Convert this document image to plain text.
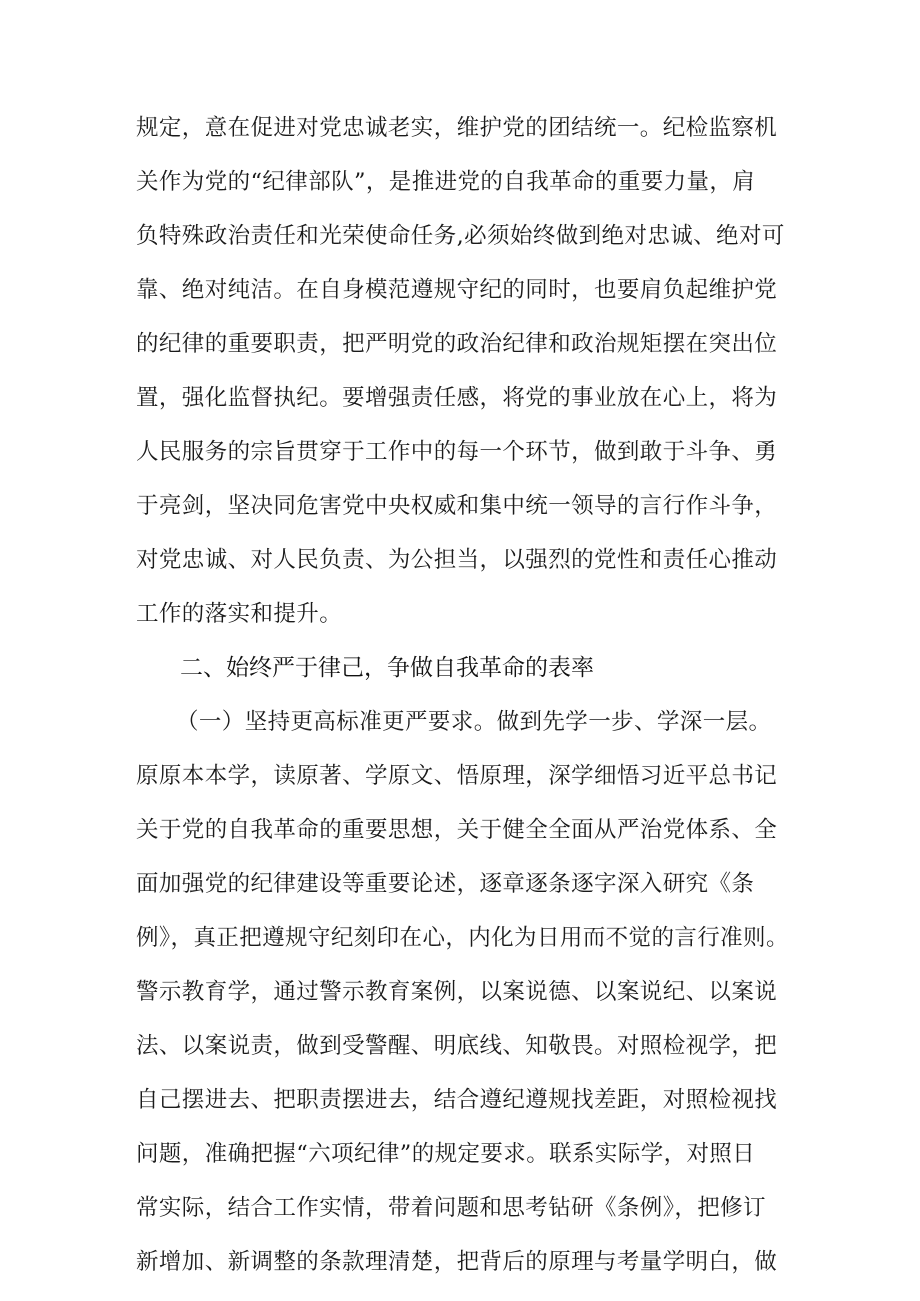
规定，意在促进对党忠诚老实，维护党的团结统一。纪检监察机
关作为党的“纪律部队”，是推进党的自我革命的重要力量，肩
负特殊政治责任和光荣使命任务,必须始终做到绝对忠诚、绝对可
靠、绝对纯洁。在自身模范遵规守纪的同时，也要肩负起维护党
的纪律的重要职责，把严明党的政治纪律和政治规矩摆在突出位
置，强化监督执纪。要增强责任感，将党的事业放在心上，将为
人民服务的宗旨贯穿于工作中的每一个环节，做到敢于斗争、勇
于亮剑，坚决同危害党中央权威和集中统一领导的言行作斗争，
对党忠诚、对人民负责、为公担当，以强烈的党性和责任心推动
工作的落实和提升。
二、始终严于律己，争做自我革命的表率
（一）坚持更高标准更严要求。做到先学一步、学深一层。
原原本本学，读原著、学原文、悟原理，深学细悟习近平总书记
关于党的自我革命的重要思想，关于健全全面从严治党体系、全
面加强党的纪律建设等重要论述，逐章逐条逐字深入研究《条
例》，真正把遵规守纪刻印在心，内化为日用而不觉的言行准则。
警示教育学，通过警示教育案例，以案说德、以案说纪、以案说
法、以案说责，做到受警醒、明底线、知敬畏。对照检视学，把
自己摆进去、把职责摆进去，结合遵纪遵规找差距，对照检视找
问题，准确把握“六项纪律”的规定要求。联系实际学，对照日
常实际，结合工作实情，带着问题和思考钻研《条例》，把修订
新增加、新调整的条款理清楚，把背后的原理与考量学明白，做
